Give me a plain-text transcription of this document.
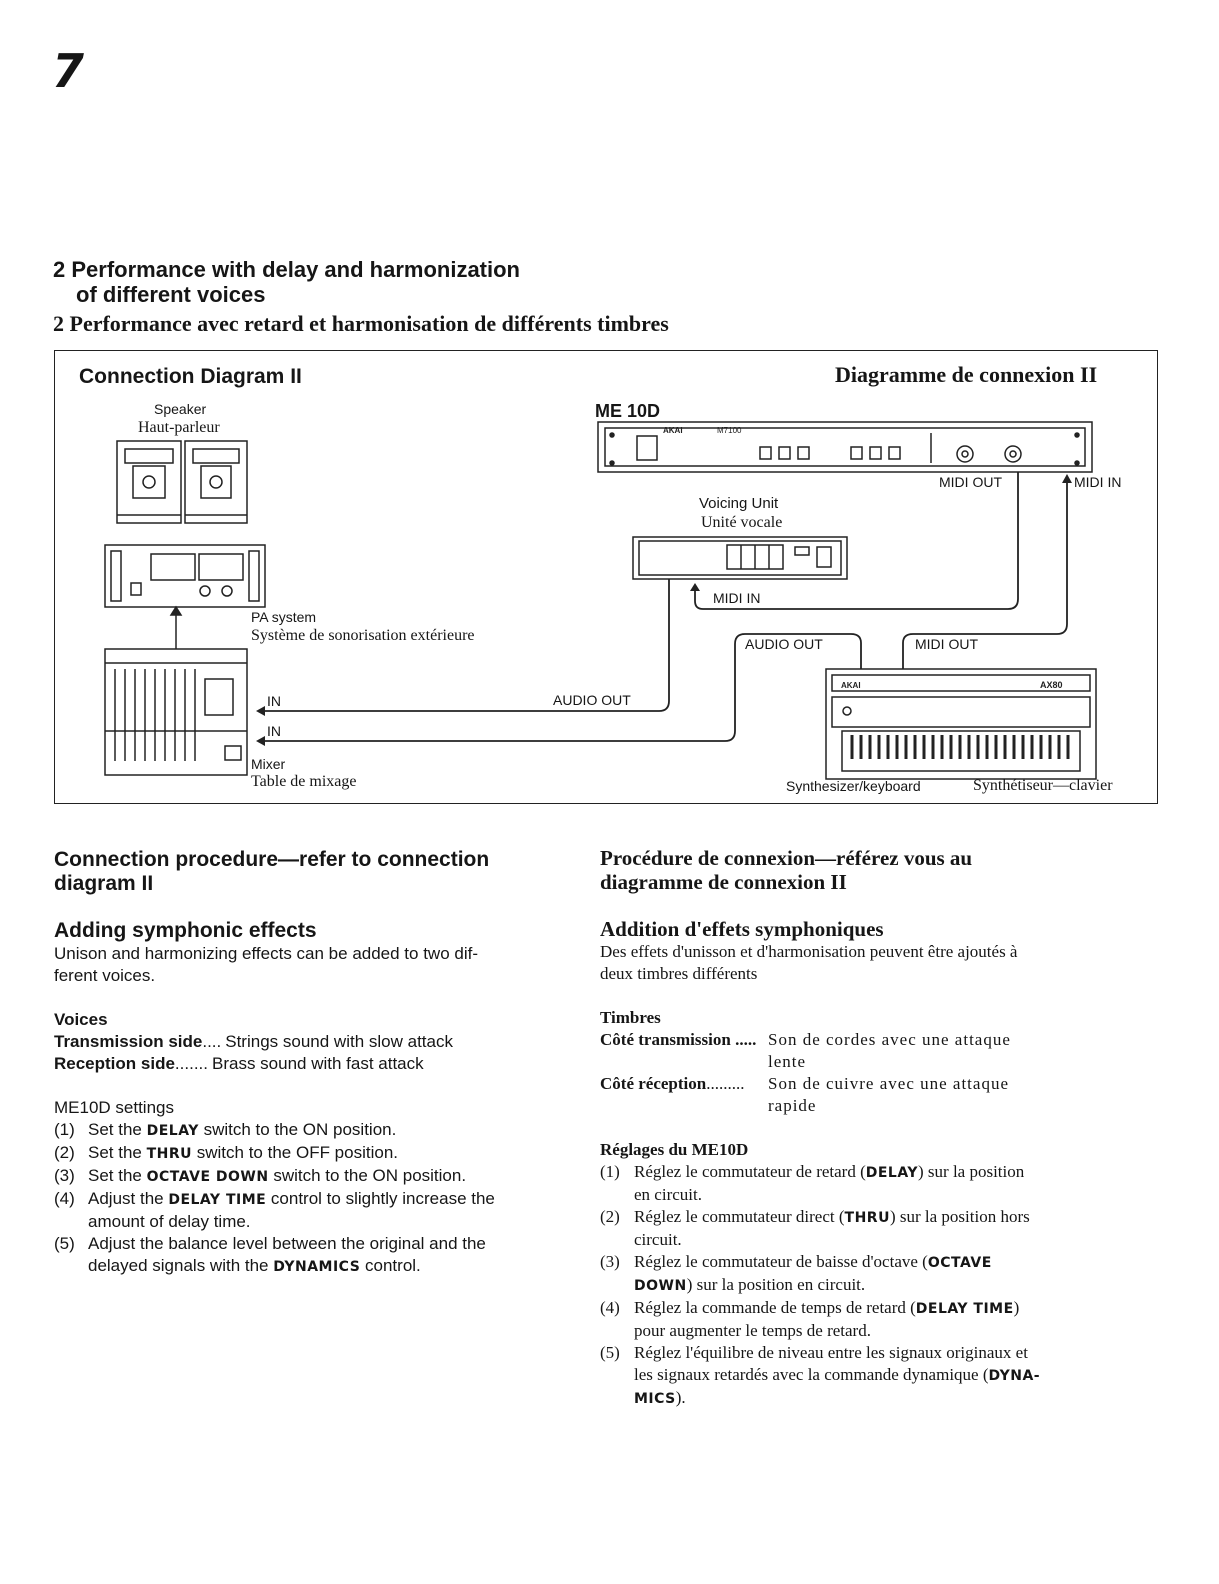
7
2 Performance with delay and harmonization
of different voices
2 Performance avec retard et harmonisation de différents timbres
AKAI	M7100
AKAI	AX80
Connection Diagram II	Diagramme de connexion II
Speaker
Haut-parleur
PA system
Système de sonorisation extérieure
Mixer
Table de mixage
ME 10D
MIDI OUT	MIDI IN
Voicing Unit
Unité vocale
MIDI IN
AUDIO OUT	MIDI OUT
IN
IN
AUDIO OUT
Synthesizer/keyboard	Synthétiseur—clavier
Connection procedure—refer to connection
diagram II
Adding symphonic effects

Unison and harmonizing effects can be added to two dif-
ferent voices.

Voices
Transmission side .... Strings sound with slow attack
Reception side ....... Brass sound with fast attack
ME10D settings
(1) Set the DELAY switch to the ON position.
(2) Set the THRU switch to the OFF position.
(3) Set the OCTAVE DOWN switch to the ON position.
(4) Adjust the DELAY TIME control to slightly increase the
amount of delay time.
(5) Adjust the balance level between the original and the
delayed signals with the DYNAMICS control.
Procédure de connexion—référez vous au
diagramme de connexion II
Addition d'effets symphoniques

Des effets d'unisson et d'harmonisation peuvent être ajoutés à
deux timbres différents

Timbres
Côté transmission ..... Son de cordes avec une attaque
lente
Côté réception.........	Son de cuivre avec une attaque
rapide
Réglages du ME10D
(1) Réglez le commutateur de retard (DELAY) sur la position
en circuit.
(2) Réglez le commutateur direct (THRU) sur la position hors
circuit.
(3) Réglez le commutateur de baisse d'octave (OCTAVE
DOWN) sur la position en circuit.
(4) Réglez la commande de temps de retard (DELAY TIME)
pour augmenter le temps de retard.
(5) Réglez l'équilibre de niveau entre les signaux originaux et
les signaux retardés avec la commande dynamique (DYNA-
MICS).
